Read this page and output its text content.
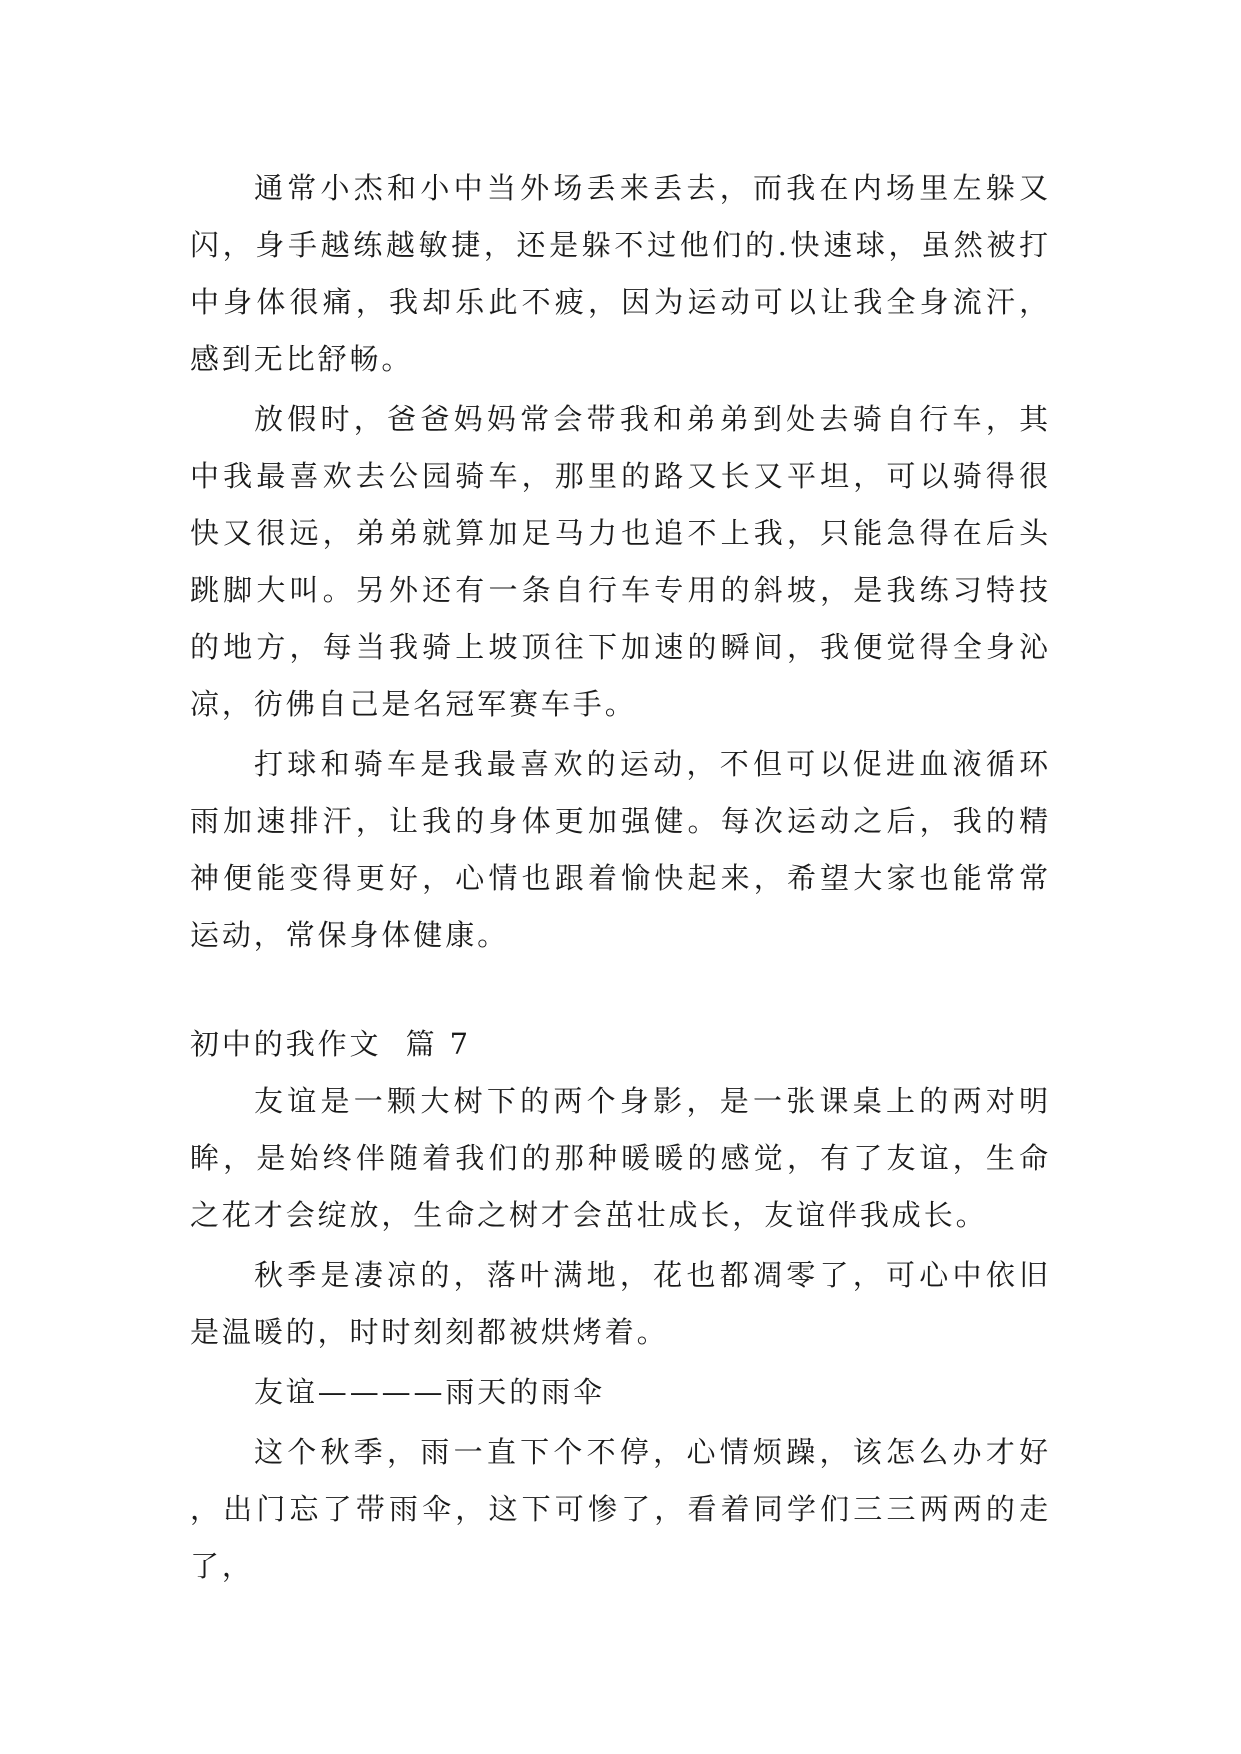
通常小杰和小中当外场丢来丢去，而我在内场里左躲又闪，身手越练越敏捷，还是躲不过他们的.快速球，虽然被打中身体很痛，我却乐此不疲，因为运动可以让我全身流汗，感到无比舒畅。

放假时，爸爸妈妈常会带我和弟弟到处去骑自行车，其中我最喜欢去公园骑车，那里的路又长又平坦，可以骑得很快又很远，弟弟就算加足马力也追不上我，只能急得在后头跳脚大叫。另外还有一条自行车专用的斜坡，是我练习特技的地方，每当我骑上坡顶往下加速的瞬间，我便觉得全身沁凉，彷佛自己是名冠军赛车手。

打球和骑车是我最喜欢的运动，不但可以促进血液循环雨加速排汗，让我的身体更加强健。每次运动之后，我的精神便能变得更好，心情也跟着愉快起来，希望大家也能常常运动，常保身体健康。

初中的我作文  篇 7

友谊是一颗大树下的两个身影，是一张课桌上的两对明眸，是始终伴随着我们的那种暖暖的感觉，有了友谊，生命之花才会绽放，生命之树才会茁壮成长，友谊伴我成长。

秋季是凄凉的，落叶满地，花也都凋零了，可心中依旧是温暖的，时时刻刻都被烘烤着。

友谊————雨天的雨伞

这个秋季，雨一直下个不停，心情烦躁，该怎么办才好，出门忘了带雨伞，这下可惨了，看着同学们三三两两的走了，
